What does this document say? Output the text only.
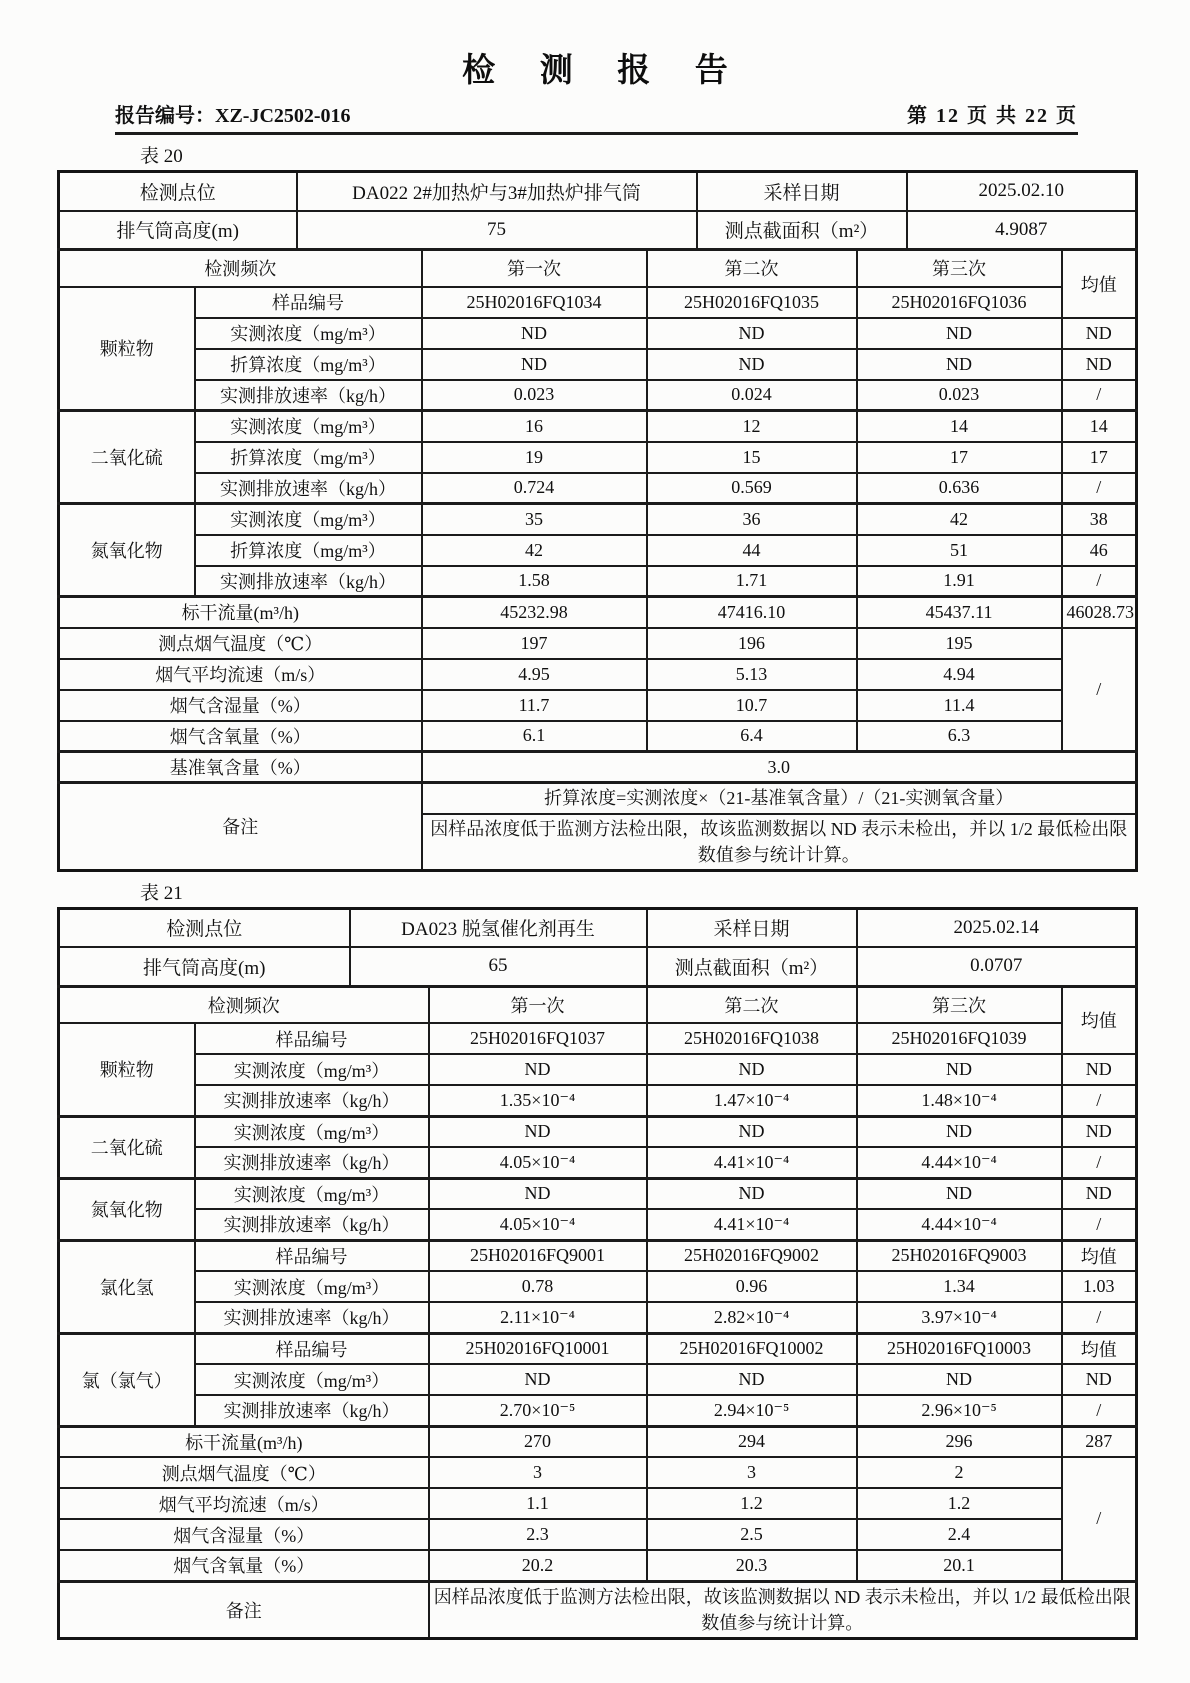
检 测 报 告
报告编号：XZ-JC2502-016	第 12 页 共 22 页
表 20
检测点位		DA022 2#加热炉与3#加热炉排气筒			采样日期		2025.02.10	
排气筒高度(m)		75			测点截面积（m²）		4.9087	
检测频次			第一次	第二次		第三次		均值
颗粒物	样品编号		25H02016FQ1034	25H02016FQ1035		25H02016FQ1036		
	实测浓度（mg/m³）		ND	ND		ND		ND
	折算浓度（mg/m³）		ND	ND		ND		ND
	实测排放速率（kg/h）		0.023	0.024		0.023		/
二氧化硫	实测浓度（mg/m³）		16	12		14		14
	折算浓度（mg/m³）		19	15		17		17
	实测排放速率（kg/h）		0.724	0.569		0.636		/
氮氧化物	实测浓度（mg/m³）		35	36		42		38
	折算浓度（mg/m³）		42	44		51		46
	实测排放速率（kg/h）		1.58	1.71		1.91		/
标干流量(m³/h)			45232.98	47416.10		45437.11		46028.73
测点烟气温度（℃）			197	196		195		/
烟气平均流速（m/s）			4.95	5.13		4.94		
烟气含湿量（%）			11.7	10.7		11.4		
烟气含氧量（%）			6.1	6.4		6.3		
基准氧含量（%）			3.0					
备注			折算浓度=实测浓度×（21-基准氧含量）/（21-实测氧含量）					
			因样品浓度低于监测方法检出限，故该监测数据以 ND 表示未检出，并以 1/2 最低检出限数值参与统计计算。					
表 21
检测点位		DA023 脱氢催化剂再生		采样日期	2025.02.14	
排气筒高度(m)		65		测点截面积（m²）	0.0707	
检测频次			第一次	第二次	第三次	均值
颗粒物	样品编号		25H02016FQ1037	25H02016FQ1038	25H02016FQ1039	
	实测浓度（mg/m³）		ND	ND	ND	ND
	实测排放速率（kg/h）		1.35×10⁻⁴	1.47×10⁻⁴	1.48×10⁻⁴	/
二氧化硫	实测浓度（mg/m³）		ND	ND	ND	ND
	实测排放速率（kg/h）		4.05×10⁻⁴	4.41×10⁻⁴	4.44×10⁻⁴	/
氮氧化物	实测浓度（mg/m³）		ND	ND	ND	ND
	实测排放速率（kg/h）		4.05×10⁻⁴	4.41×10⁻⁴	4.44×10⁻⁴	/
氯化氢	样品编号		25H02016FQ9001	25H02016FQ9002	25H02016FQ9003	均值
	实测浓度（mg/m³）		0.78	0.96	1.34	1.03
	实测排放速率（kg/h）		2.11×10⁻⁴	2.82×10⁻⁴	3.97×10⁻⁴	/
氯（氯气）	样品编号		25H02016FQ10001	25H02016FQ10002	25H02016FQ10003	均值
	实测浓度（mg/m³）		ND	ND	ND	ND
	实测排放速率（kg/h）		2.70×10⁻⁵	2.94×10⁻⁵	2.96×10⁻⁵	/
标干流量(m³/h)			270	294	296	287
测点烟气温度（℃）			3	3	2	/
烟气平均流速（m/s）			1.1	1.2	1.2	
烟气含湿量（%）			2.3	2.5	2.4	
烟气含氧量（%）			20.2	20.3	20.1	
备注			因样品浓度低于监测方法检出限，故该监测数据以 ND 表示未检出，并以 1/2 最低检出限数值参与统计计算。			
